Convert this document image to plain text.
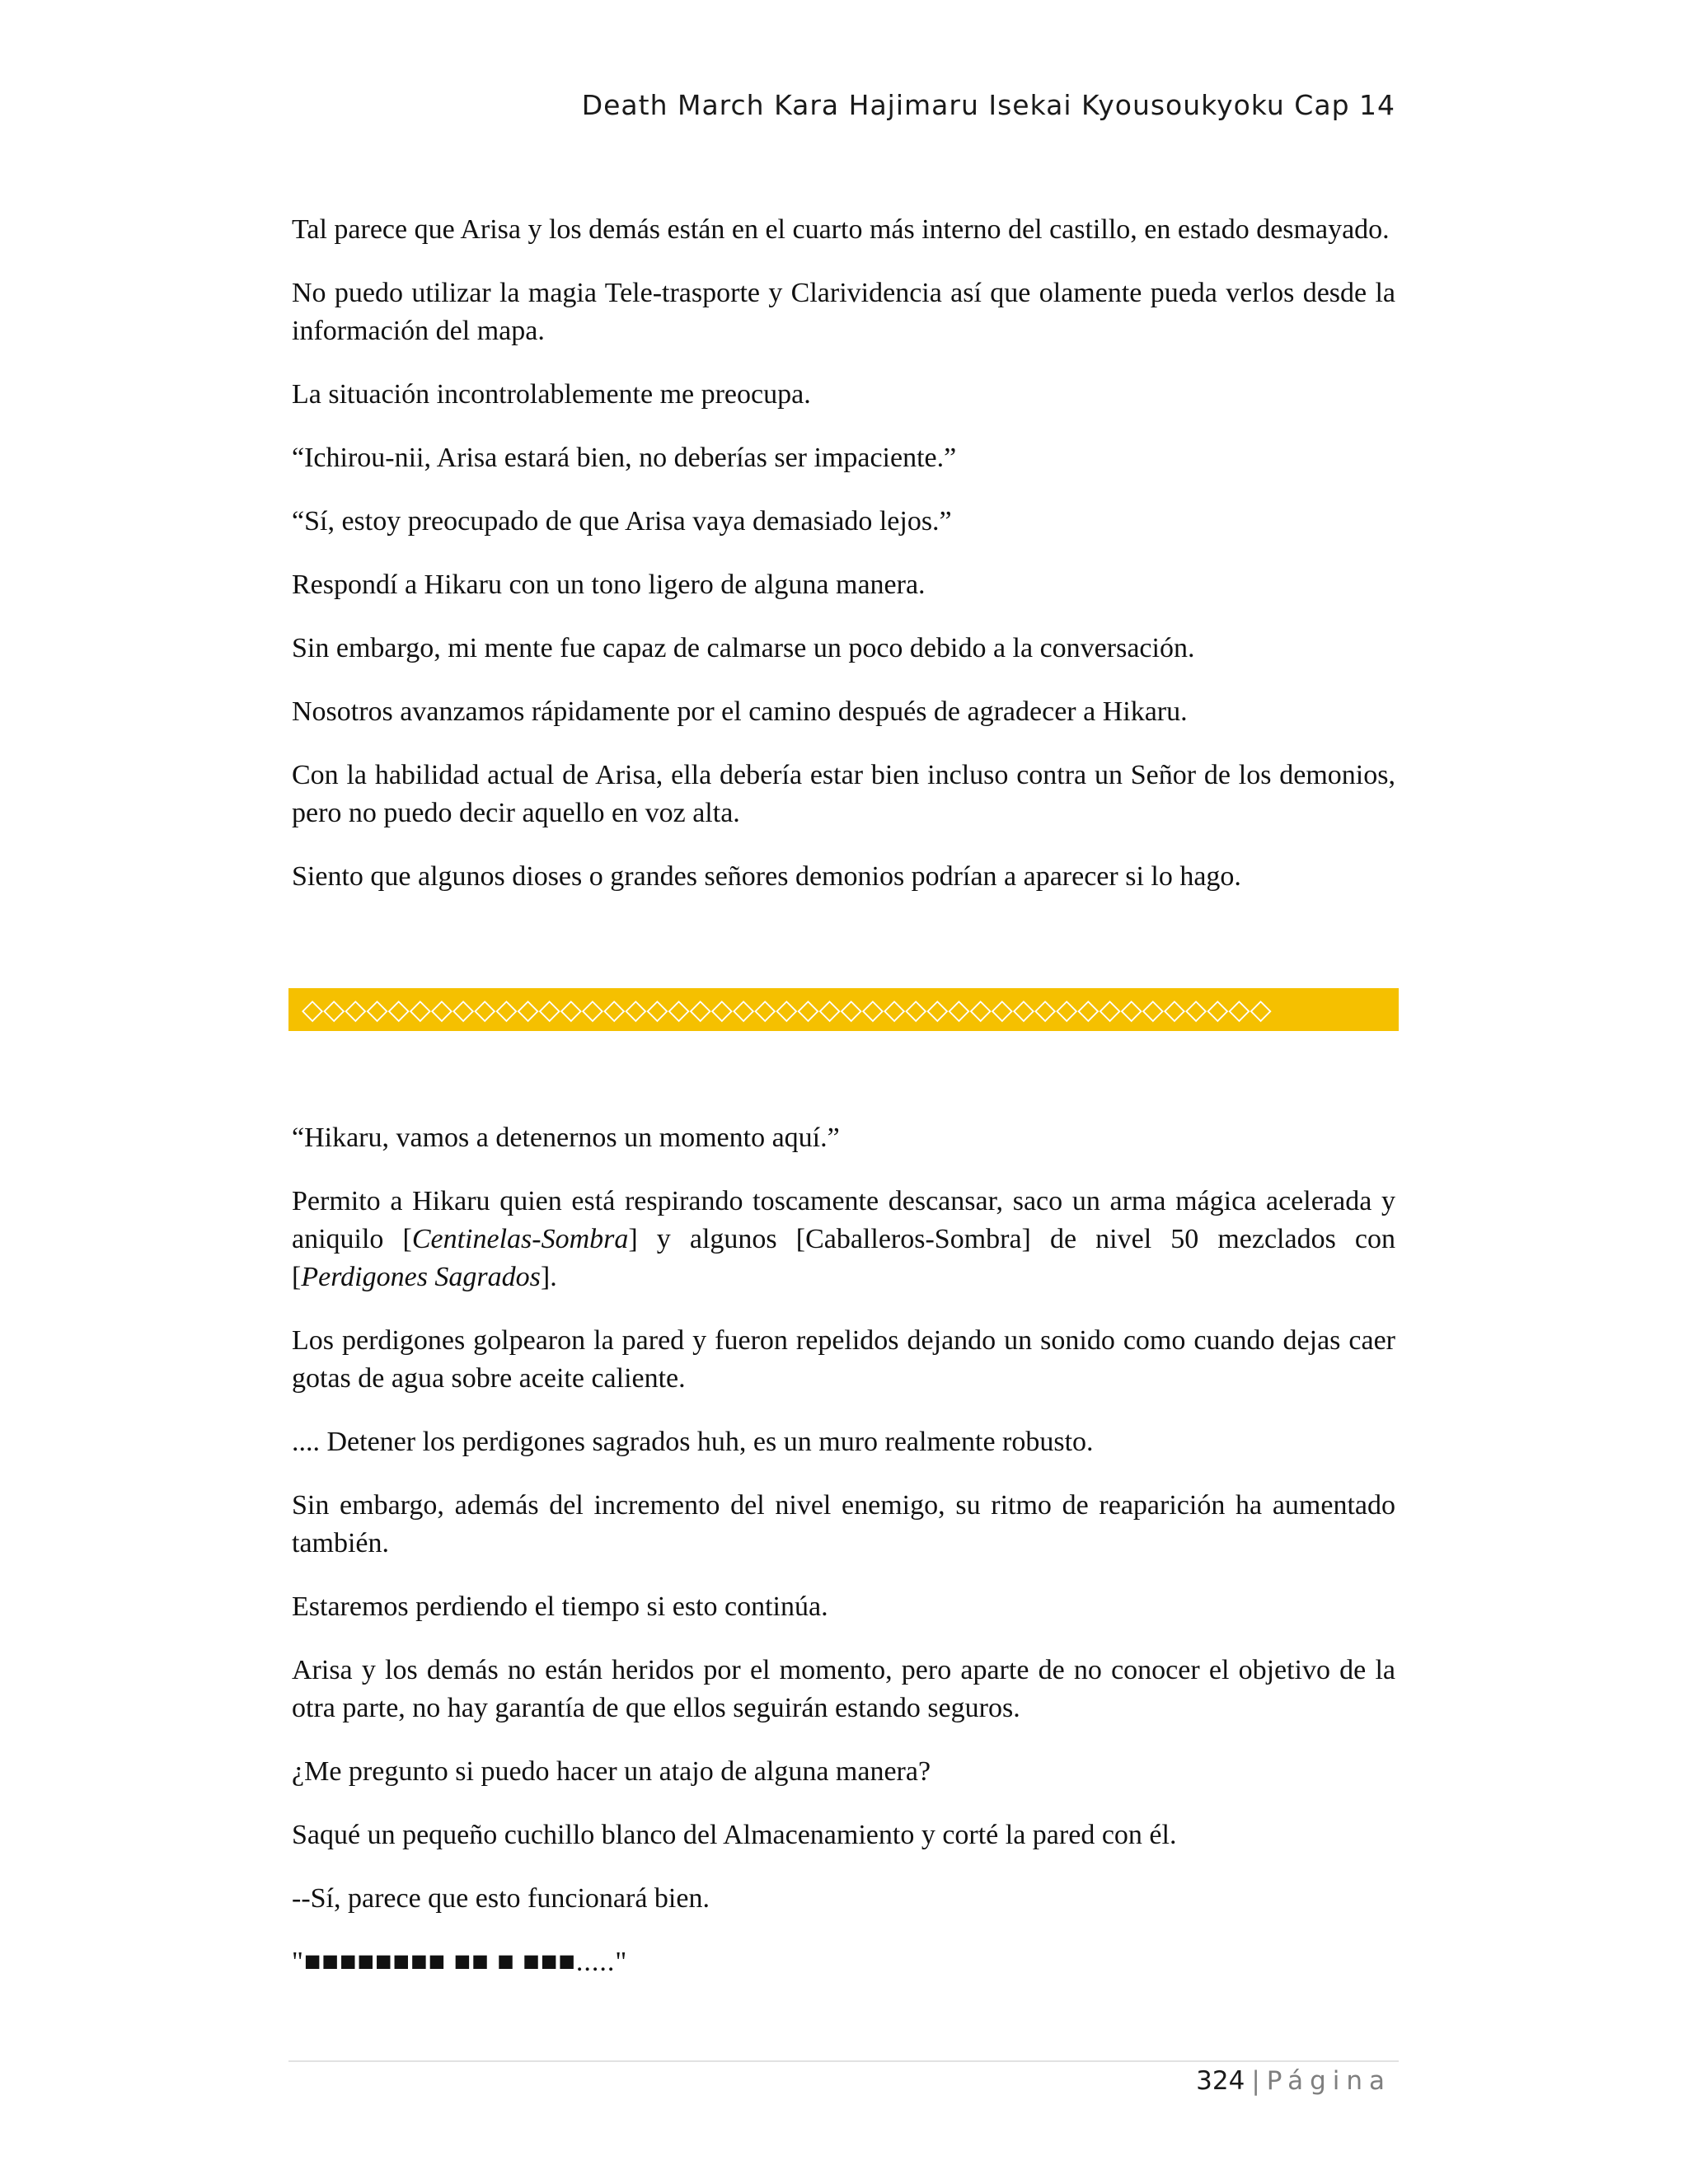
Death March Kara Hajimaru Isekai Kyousoukyoku Cap 14

Tal parece que Arisa y los demás están en el cuarto más interno del castillo, en estado desmayado.

No puedo utilizar la magia Tele-trasporte y Clarividencia así que olamente pueda verlos desde la información del mapa.

La situación incontrolablemente me preocupa.

“Ichirou-nii, Arisa estará bien, no deberías ser impaciente.”

“Sí, estoy preocupado de que Arisa vaya demasiado lejos.”

Respondí a Hikaru con un tono ligero de alguna manera.

Sin embargo, mi mente fue capaz de calmarse un poco debido a la conversación.

Nosotros avanzamos rápidamente por el camino después de agradecer a Hikaru.

Con la habilidad actual de Arisa, ella debería estar bien incluso contra un Señor de los demonios, pero no puedo decir aquello en voz alta.

Siento que algunos dioses o grandes señores demonios podrían a aparecer si lo hago.

◇◇◇◇◇◇◇◇◇◇◇◇◇◇◇◇◇◇◇◇◇◇◇◇◇◇◇◇◇◇◇◇◇◇◇◇◇◇◇◇◇◇◇◇◇

“Hikaru, vamos a detenernos un momento aquí.”

Permito a Hikaru quien está respirando toscamente descansar, saco un arma mágica acelerada y aniquilo [Centinelas-Sombra] y algunos [Caballeros-Sombra] de nivel 50 mezclados con [Perdigones Sagrados].

Los perdigones golpearon la pared y fueron repelidos dejando un sonido como cuando dejas caer gotas de agua sobre aceite caliente.

.... Detener los perdigones sagrados huh, es un muro realmente robusto.

Sin embargo, además del incremento del nivel enemigo, su ritmo de reaparición ha aumentado también.

Estaremos perdiendo el tiempo si esto continúa.

Arisa y los demás no están heridos por el momento, pero aparte de no conocer el objetivo de la otra parte, no hay garantía de que ellos seguirán estando seguros.

¿Me pregunto si puedo hacer un atajo de alguna manera?

Saqué un pequeño cuchillo blanco del Almacenamiento y corté la pared con él.

--Sí, parece que esto funcionará bien.

"■■■■■■■■ ■■ ■ ■■■....."

324 | Página
